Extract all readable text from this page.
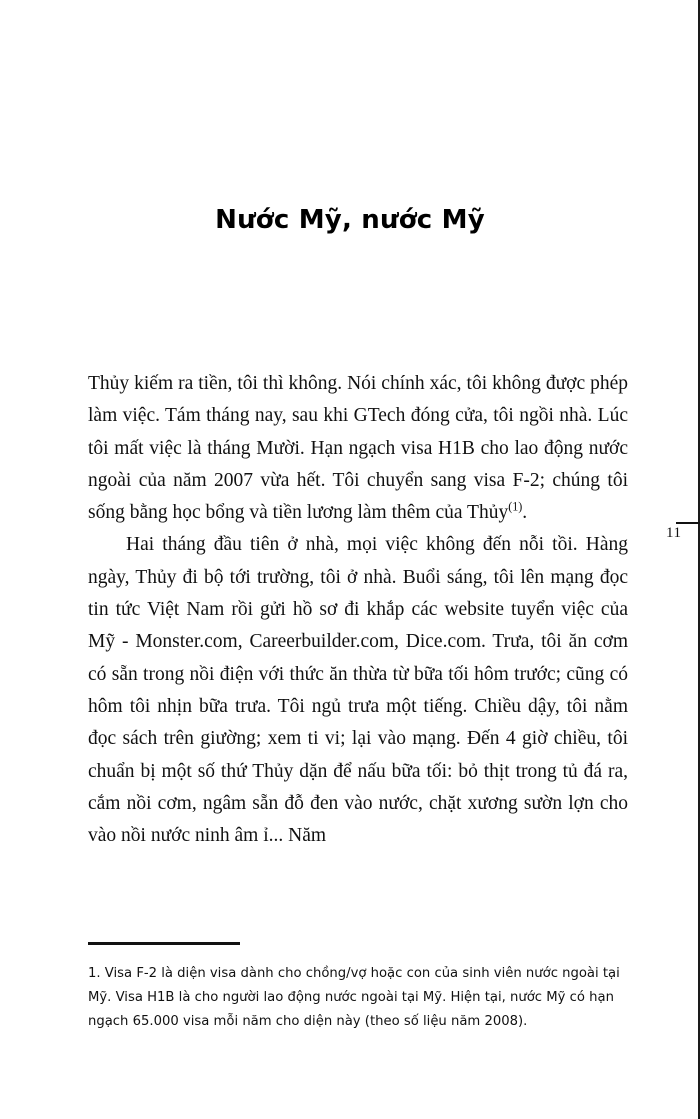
11
Nước Mỹ, nước Mỹ

Thủy kiếm ra tiền, tôi thì không. Nói chính xác, tôi không được phép làm việc. Tám tháng nay, sau khi GTech đóng cửa, tôi ngồi nhà. Lúc tôi mất việc là tháng Mười. Hạn ngạch visa H1B cho lao động nước ngoài của năm 2007 vừa hết. Tôi chuyển sang visa F-2; chúng tôi sống bằng học bổng và tiền lương làm thêm của Thủy$^{(1)}$.

Hai tháng đầu tiên ở nhà, mọi việc không đến nỗi tồi. Hàng ngày, Thủy đi bộ tới trường, tôi ở nhà. Buổi sáng, tôi lên mạng đọc tin tức Việt Nam rồi gửi hồ sơ đi khắp các website tuyển việc của Mỹ - Monster.com, Careerbuilder.com, Dice.com. Trưa, tôi ăn cơm có sẵn trong nồi điện với thức ăn thừa từ bữa tối hôm trước; cũng có hôm tôi nhịn bữa trưa. Tôi ngủ trưa một tiếng. Chiều dậy, tôi nằm đọc sách trên giường; xem ti vi; lại vào mạng. Đến 4 giờ chiều, tôi chuẩn bị một số thứ Thủy dặn để nấu bữa tối: bỏ thịt trong tủ đá ra, cắm nồi cơm, ngâm sẵn đỗ đen vào nước, chặt xương sườn lợn cho vào nồi nước ninh âm ỉ... Năm

1. Visa F-2 là diện visa dành cho chồng/vợ hoặc con của sinh viên nước ngoài tại Mỹ. Visa H1B là cho người lao động nước ngoài tại Mỹ. Hiện tại, nước Mỹ có hạn ngạch 65.000 visa mỗi năm cho diện này (theo số liệu năm 2008).
